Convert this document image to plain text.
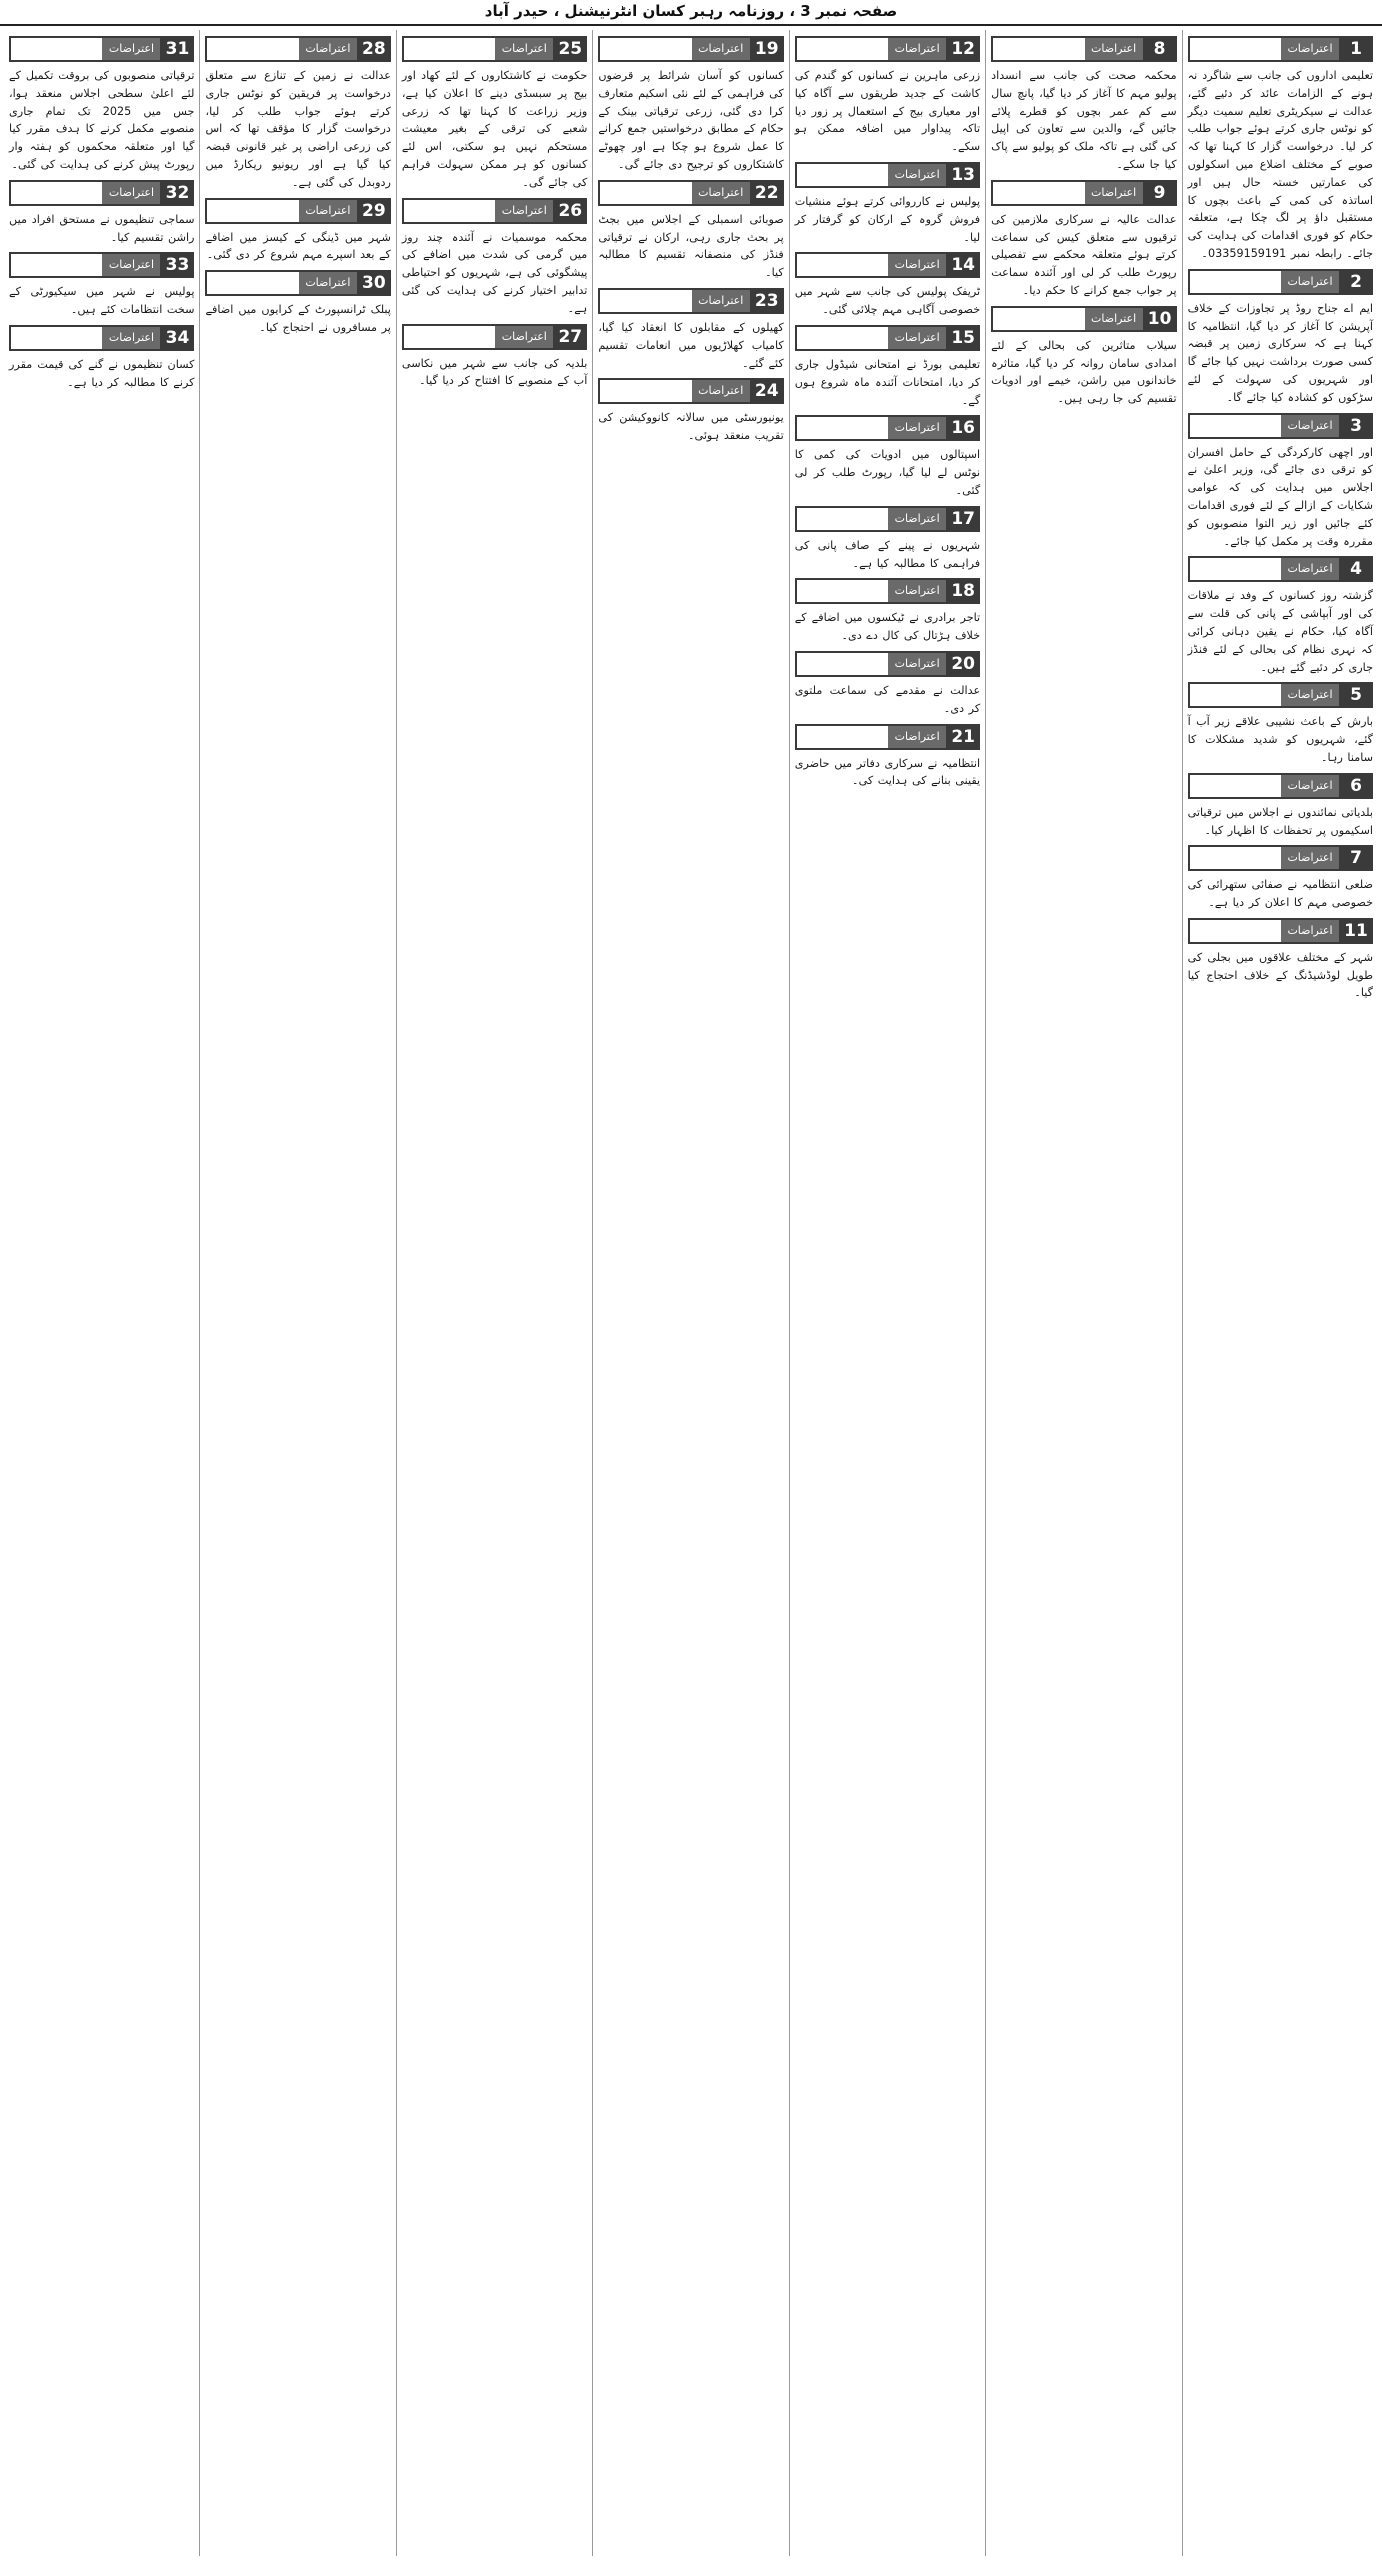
صفحہ نمبر 3 ، روزنامہ رہبر کسان انٹرنیشنل ، حیدر آباد
1
اعتراضات

تعلیمی اداروں کی جانب سے شاگرد نہ ہونے کے الزامات عائد کر دئیے گئے، عدالت نے سیکریٹری تعلیم سمیت دیگر کو نوٹس جاری کرتے ہوئے جواب طلب کر لیا۔ درخواست گزار کا کہنا تھا کہ صوبے کے مختلف اضلاع میں اسکولوں کی عمارتیں خستہ حال ہیں اور اساتذہ کی کمی کے باعث بچوں کا مستقبل داؤ پر لگ چکا ہے، متعلقہ حکام کو فوری اقدامات کی ہدایت کی جائے۔ رابطہ نمبر 03359159191۔

2
اعتراضات

ایم اے جناح روڈ پر تجاوزات کے خلاف آپریشن کا آغاز کر دیا گیا، انتظامیہ کا کہنا ہے کہ سرکاری زمین پر قبضہ کسی صورت برداشت نہیں کیا جائے گا اور شہریوں کی سہولت کے لئے سڑکوں کو کشادہ کیا جائے گا۔

3
اعتراضات

اور اچھی کارکردگی کے حامل افسران کو ترقی دی جائے گی، وزیر اعلیٰ نے اجلاس میں ہدایت کی کہ عوامی شکایات کے ازالے کے لئے فوری اقدامات کئے جائیں اور زیر التوا منصوبوں کو مقررہ وقت پر مکمل کیا جائے۔

4
اعتراضات

گزشتہ روز کسانوں کے وفد نے ملاقات کی اور آبپاشی کے پانی کی قلت سے آگاہ کیا، حکام نے یقین دہانی کرائی کہ نہری نظام کی بحالی کے لئے فنڈز جاری کر دئیے گئے ہیں۔

5
اعتراضات

بارش کے باعث نشیبی علاقے زیر آب آ گئے، شہریوں کو شدید مشکلات کا سامنا رہا۔

6
اعتراضات

بلدیاتی نمائندوں نے اجلاس میں ترقیاتی اسکیموں پر تحفظات کا اظہار کیا۔

7
اعتراضات

ضلعی انتظامیہ نے صفائی ستھرائی کی خصوصی مہم کا اعلان کر دیا ہے۔

11
اعتراضات

شہر کے مختلف علاقوں میں بجلی کی طویل لوڈشیڈنگ کے خلاف احتجاج کیا گیا۔

8
اعتراضات

محکمہ صحت کی جانب سے انسداد پولیو مہم کا آغاز کر دیا گیا، پانچ سال سے کم عمر بچوں کو قطرے پلائے جائیں گے، والدین سے تعاون کی اپیل کی گئی ہے تاکہ ملک کو پولیو سے پاک کیا جا سکے۔

9
اعتراضات

عدالت عالیہ نے سرکاری ملازمین کی ترقیوں سے متعلق کیس کی سماعت کرتے ہوئے متعلقہ محکمے سے تفصیلی رپورٹ طلب کر لی اور آئندہ سماعت پر جواب جمع کرانے کا حکم دیا۔

10
اعتراضات

سیلاب متاثرین کی بحالی کے لئے امدادی سامان روانہ کر دیا گیا، متاثرہ خاندانوں میں راشن، خیمے اور ادویات تقسیم کی جا رہی ہیں۔

12
اعتراضات

زرعی ماہرین نے کسانوں کو گندم کی کاشت کے جدید طریقوں سے آگاہ کیا اور معیاری بیج کے استعمال پر زور دیا تاکہ پیداوار میں اضافہ ممکن ہو سکے۔

13
اعتراضات

پولیس نے کارروائی کرتے ہوئے منشیات فروش گروہ کے ارکان کو گرفتار کر لیا۔

14
اعتراضات

ٹریفک پولیس کی جانب سے شہر میں خصوصی آگاہی مہم چلائی گئی۔

15
اعتراضات

تعلیمی بورڈ نے امتحانی شیڈول جاری کر دیا، امتحانات آئندہ ماہ شروع ہوں گے۔

16
اعتراضات

اسپتالوں میں ادویات کی کمی کا نوٹس لے لیا گیا، رپورٹ طلب کر لی گئی۔

17
اعتراضات

شہریوں نے پینے کے صاف پانی کی فراہمی کا مطالبہ کیا ہے۔

18
اعتراضات

تاجر برادری نے ٹیکسوں میں اضافے کے خلاف ہڑتال کی کال دے دی۔

20
اعتراضات

عدالت نے مقدمے کی سماعت ملتوی کر دی۔

21
اعتراضات

انتظامیہ نے سرکاری دفاتر میں حاضری یقینی بنانے کی ہدایت کی۔

19
اعتراضات

کسانوں کو آسان شرائط پر قرضوں کی فراہمی کے لئے نئی اسکیم متعارف کرا دی گئی، زرعی ترقیاتی بینک کے حکام کے مطابق درخواستیں جمع کرانے کا عمل شروع ہو چکا ہے اور چھوٹے کاشتکاروں کو ترجیح دی جائے گی۔

22
اعتراضات

صوبائی اسمبلی کے اجلاس میں بجٹ پر بحث جاری رہی، ارکان نے ترقیاتی فنڈز کی منصفانہ تقسیم کا مطالبہ کیا۔

23
اعتراضات

کھیلوں کے مقابلوں کا انعقاد کیا گیا، کامیاب کھلاڑیوں میں انعامات تقسیم کئے گئے۔

24
اعتراضات

یونیورسٹی میں سالانہ کانووکیشن کی تقریب منعقد ہوئی۔

25
اعتراضات

حکومت نے کاشتکاروں کے لئے کھاد اور بیج پر سبسڈی دینے کا اعلان کیا ہے، وزیر زراعت کا کہنا تھا کہ زرعی شعبے کی ترقی کے بغیر معیشت مستحکم نہیں ہو سکتی، اس لئے کسانوں کو ہر ممکن سہولت فراہم کی جائے گی۔

26
اعتراضات

محکمہ موسمیات نے آئندہ چند روز میں گرمی کی شدت میں اضافے کی پیشگوئی کی ہے، شہریوں کو احتیاطی تدابیر اختیار کرنے کی ہدایت کی گئی ہے۔

27
اعتراضات

بلدیہ کی جانب سے شہر میں نکاسی آب کے منصوبے کا افتتاح کر دیا گیا۔

28
اعتراضات

عدالت نے زمین کے تنازع سے متعلق درخواست پر فریقین کو نوٹس جاری کرتے ہوئے جواب طلب کر لیا، درخواست گزار کا مؤقف تھا کہ اس کی زرعی اراضی پر غیر قانونی قبضہ کیا گیا ہے اور ریونیو ریکارڈ میں ردوبدل کی گئی ہے۔

29
اعتراضات

شہر میں ڈینگی کے کیسز میں اضافے کے بعد اسپرے مہم شروع کر دی گئی۔

30
اعتراضات

پبلک ٹرانسپورٹ کے کرایوں میں اضافے پر مسافروں نے احتجاج کیا۔

31
اعتراضات

ترقیاتی منصوبوں کی بروقت تکمیل کے لئے اعلیٰ سطحی اجلاس منعقد ہوا، جس میں 2025 تک تمام جاری منصوبے مکمل کرنے کا ہدف مقرر کیا گیا اور متعلقہ محکموں کو ہفتہ وار رپورٹ پیش کرنے کی ہدایت کی گئی۔

32
اعتراضات

سماجی تنظیموں نے مستحق افراد میں راشن تقسیم کیا۔

33
اعتراضات

پولیس نے شہر میں سیکیورٹی کے سخت انتظامات کئے ہیں۔

34
اعتراضات

کسان تنظیموں نے گنے کی قیمت مقرر کرنے کا مطالبہ کر دیا ہے۔
